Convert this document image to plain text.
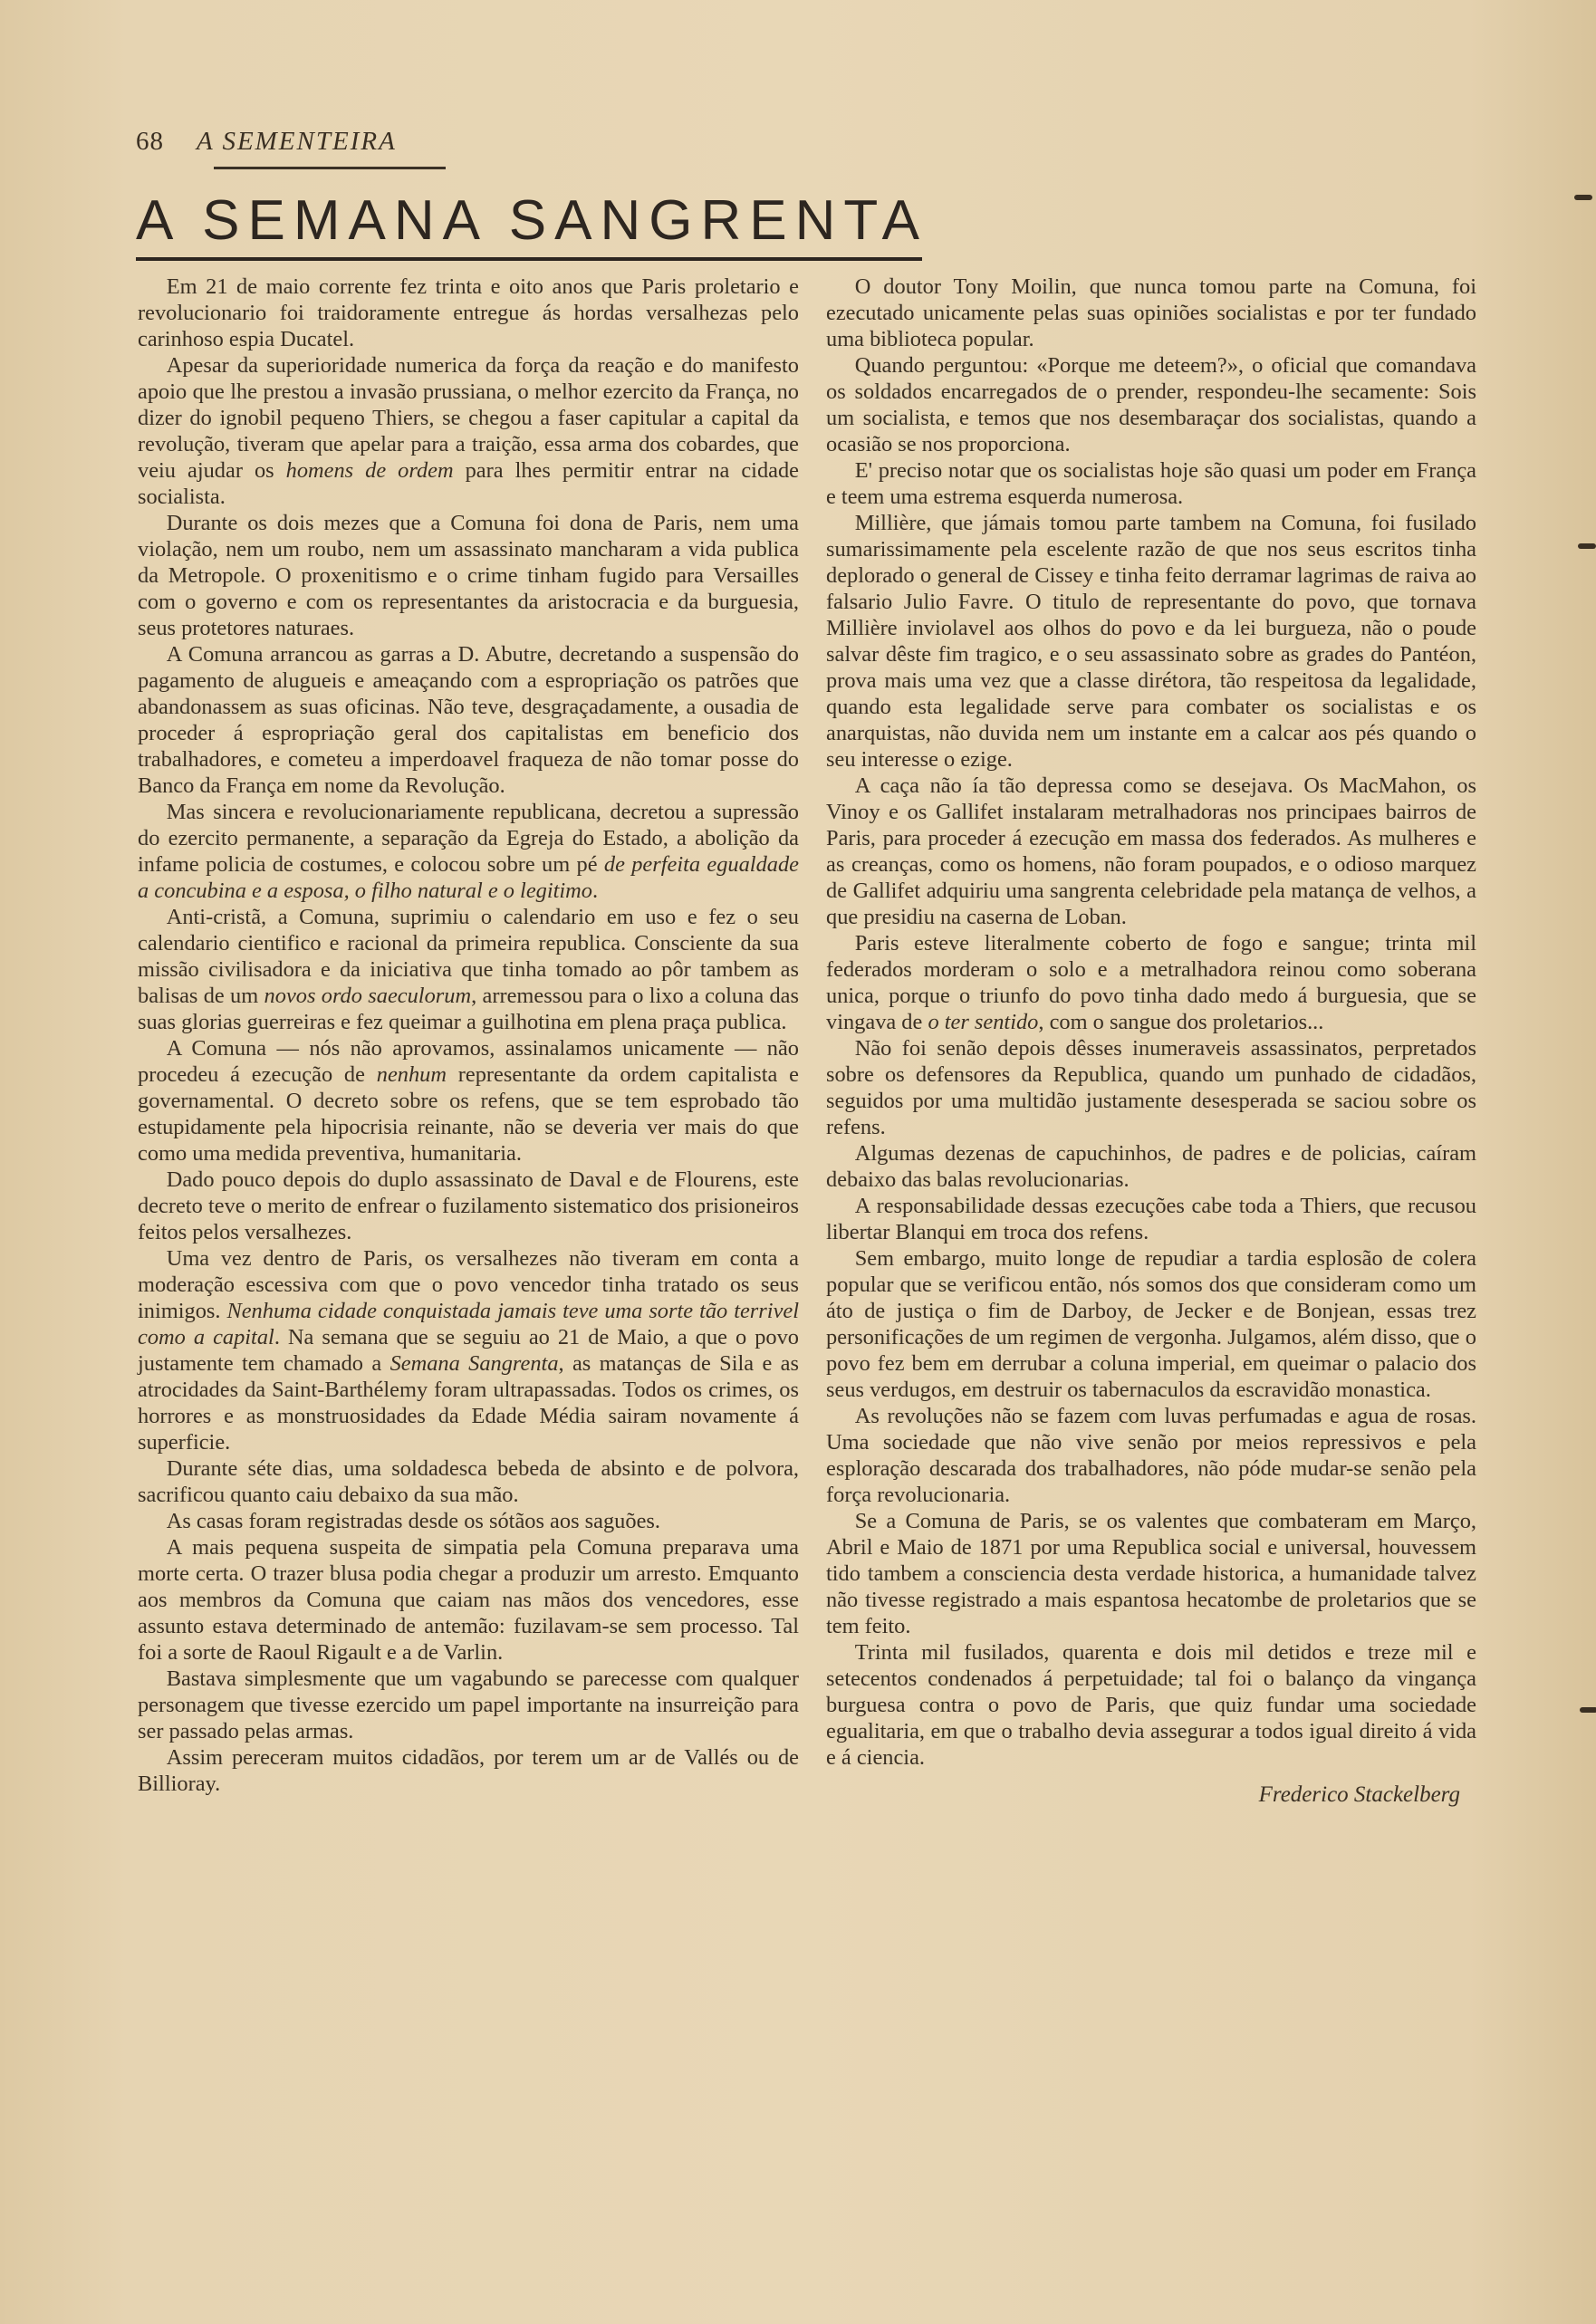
68 A SEMENTEIRA
A SEMANA SANGRENTA

Em 21 de maio corrente fez trinta e oito anos que Paris proletario e revolucionario foi traidoramente entregue ás hordas versalhezas pelo carinhoso espia Ducatel.

Apesar da superioridade numerica da força da reação e do manifesto apoio que lhe prestou a invasão prussiana, o melhor ezercito da França, no dizer do ignobil pequeno Thiers, se chegou a faser capitular a capital da revolução, tiveram que apelar para a traição, essa arma dos cobardes, que veiu ajudar os homens de ordem para lhes permitir entrar na cidade socialista.

Durante os dois mezes que a Comuna foi dona de Paris, nem uma violação, nem um roubo, nem um assassinato mancharam a vida publica da Metropole. O proxenitismo e o crime tinham fugido para Versailles com o governo e com os representantes da aristocracia e da burguesia, seus protetores naturaes.

A Comuna arrancou as garras a D. Abutre, decretando a suspensão do pagamento de alugueis e ameaçando com a espropriação os patrões que abandonassem as suas oficinas. Não teve, desgraçadamente, a ousadia de proceder á espropriação geral dos capitalistas em beneficio dos trabalhadores, e cometeu a imperdoavel fraqueza de não tomar posse do Banco da França em nome da Revolução.

Mas sincera e revolucionariamente republicana, decretou a supressão do ezercito permanente, a separação da Egreja do Estado, a abolição da infame policia de costumes, e colocou sobre um pé de perfeita egualdade a concubina e a esposa, o filho natural e o legitimo.

Anti-cristã, a Comuna, suprimiu o calendario em uso e fez o seu calendario cientifico e racional da primeira republica. Consciente da sua missão civilisadora e da iniciativa que tinha tomado ao pôr tambem as balisas de um novos ordo saeculorum, arremessou para o lixo a coluna das suas glorias guerreiras e fez queimar a guilhotina em plena praça publica.

A Comuna — nós não aprovamos, assinalamos unicamente — não procedeu á ezecução de nenhum representante da ordem capitalista e governamental. O decreto sobre os refens, que se tem esprobado tão estupidamente pela hipocrisia reinante, não se deveria ver mais do que como uma medida preventiva, humanitaria.

Dado pouco depois do duplo assassinato de Daval e de Flourens, este decreto teve o merito de enfrear o fuzilamento sistematico dos prisioneiros feitos pelos versalhezes.

Uma vez dentro de Paris, os versalhezes não tiveram em conta a moderação escessiva com que o povo vencedor tinha tratado os seus inimigos. Nenhuma cidade conquistada jamais teve uma sorte tão terrivel como a capital. Na semana que se seguiu ao 21 de Maio, a que o povo justamente tem chamado a Semana Sangrenta, as matanças de Sila e as atrocidades da Saint-Barthélemy foram ultrapassadas. Todos os crimes, os horrores e as monstruosidades da Edade Média sairam novamente á superficie.

Durante séte dias, uma soldadesca bebeda de absinto e de polvora, sacrificou quanto caiu debaixo da sua mão.

As casas foram registradas desde os sótãos aos saguões.

A mais pequena suspeita de simpatia pela Comuna preparava uma morte certa. O trazer blusa podia chegar a produzir um arresto. Emquanto aos membros da Comuna que caiam nas mãos dos vencedores, esse assunto estava determinado de antemão: fuzilavam-se sem processo. Tal foi a sorte de Raoul Rigault e a de Varlin.

Bastava simplesmente que um vagabundo se parecesse com qualquer personagem que tivesse ezercido um papel importante na insurreição para ser passado pelas armas.

Assim pereceram muitos cidadãos, por terem um ar de Vallés ou de Billioray.

O doutor Tony Moilin, que nunca tomou parte na Comuna, foi ezecutado unicamente pelas suas opiniões socialistas e por ter fundado uma biblioteca popular.

Quando perguntou: «Porque me deteem?», o oficial que comandava os soldados encarregados de o prender, respondeu-lhe secamente: Sois um socialista, e temos que nos desembaraçar dos socialistas, quando a ocasião se nos proporciona.

E' preciso notar que os socialistas hoje são quasi um poder em França e teem uma estrema esquerda numerosa.

Millière, que jámais tomou parte tambem na Comuna, foi fusilado sumarissimamente pela escelente razão de que nos seus escritos tinha deplorado o general de Cissey e tinha feito derramar lagrimas de raiva ao falsario Julio Favre. O titulo de representante do povo, que tornava Millière inviolavel aos olhos do povo e da lei burgueza, não o poude salvar dêste fim tragico, e o seu assassinato sobre as grades do Pantéon, prova mais uma vez que a classe dirétora, tão respeitosa da legalidade, quando esta legalidade serve para combater os socialistas e os anarquistas, não duvida nem um instante em a calcar aos pés quando o seu interesse o ezige.

A caça não ía tão depressa como se desejava. Os MacMahon, os Vinoy e os Gallifet instalaram metralhadoras nos principaes bairros de Paris, para proceder á ezecução em massa dos federados. As mulheres e as creanças, como os homens, não foram poupados, e o odioso marquez de Gallifet adquiriu uma sangrenta celebridade pela matança de velhos, a que presidiu na caserna de Loban.

Paris esteve literalmente coberto de fogo e sangue; trinta mil federados morderam o solo e a metralhadora reinou como soberana unica, porque o triunfo do povo tinha dado medo á burguesia, que se vingava de o ter sentido, com o sangue dos proletarios...

Não foi senão depois dêsses inumeraveis assassinatos, perpretados sobre os defensores da Republica, quando um punhado de cidadãos, seguidos por uma multidão justamente desesperada se saciou sobre os refens.

Algumas dezenas de capuchinhos, de padres e de policias, caíram debaixo das balas revolucionarias.

A responsabilidade dessas ezecuções cabe toda a Thiers, que recusou libertar Blanqui em troca dos refens.

Sem embargo, muito longe de repudiar a tardia esplosão de colera popular que se verificou então, nós somos dos que consideram como um áto de justiça o fim de Darboy, de Jecker e de Bonjean, essas trez personificações de um regimen de vergonha. Julgamos, além disso, que o povo fez bem em derrubar a coluna imperial, em queimar o palacio dos seus verdugos, em destruir os tabernaculos da escravidão monastica.

As revoluções não se fazem com luvas perfumadas e agua de rosas. Uma sociedade que não vive senão por meios repressivos e pela esploração descarada dos trabalhadores, não póde mudar-se senão pela força revolucionaria.

Se a Comuna de Paris, se os valentes que combateram em Março, Abril e Maio de 1871 por uma Republica social e universal, houvessem tido tambem a consciencia desta verdade historica, a humanidade talvez não tivesse registrado a mais espantosa hecatombe de proletarios que se tem feito.

Trinta mil fusilados, quarenta e dois mil detidos e treze mil e setecentos condenados á perpetuidade; tal foi o balanço da vingança burguesa contra o povo de Paris, que quiz fundar uma sociedade egualitaria, em que o trabalho devia assegurar a todos igual direito á vida e á ciencia.

Frederico Stackelberg
